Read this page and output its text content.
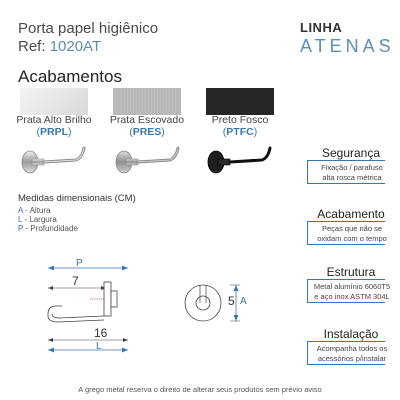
Porta papel higiênico
Ref: 1020AT
LINHA
ATENAS
Acabamentos
Prata Alto Brilho	Prata Escovado	Preto Fosco
(PRPL)	(PRES)	(PTFC)
Medidas dimensionais (CM)
A - Altura
L - Largura
P - Profundidade
P
7
16
L
5 A
Segurança
Fixação / parafuso
alta rosca métrica
Acabamento
Peças que não se
oxidam com o tempo
Estrutura
Metal alumínio 6060T5
e aço inox ASTM 304L
Instalação
Acompanha todos os
acessórios p/instalar
A grego metal reserva o direito de alterar seus produtos sem prévio aviso
